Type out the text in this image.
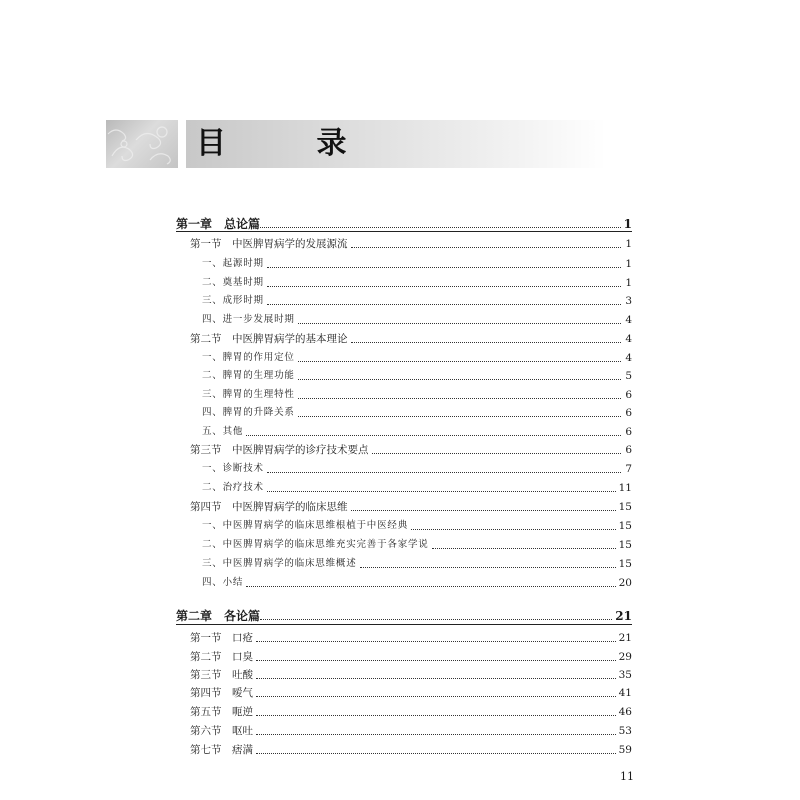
目 录
第一章　总论篇	1
第一节　中医脾胃病学的发展源流	1
一、起源时期	1
二、奠基时期	1
三、成形时期	3
四、进一步发展时期	4
第二节　中医脾胃病学的基本理论	4
一、脾胃的作用定位	4
二、脾胃的生理功能	5
三、脾胃的生理特性	6
四、脾胃的升降关系	6
五、其他	6
第三节　中医脾胃病学的诊疗技术要点	6
一、诊断技术	7
二、治疗技术	11
第四节　中医脾胃病学的临床思维	15
一、中医脾胃病学的临床思维根植于中医经典	15
二、中医脾胃病学的临床思维充实完善于各家学说	15
三、中医脾胃病学的临床思维概述	15
四、小结	20
第二章　各论篇	21
第一节　口疮	21
第二节　口臭	29
第三节　吐酸	35
第四节　嗳气	41
第五节　呃逆	46
第六节　呕吐	53
第七节　痞满	59
11
